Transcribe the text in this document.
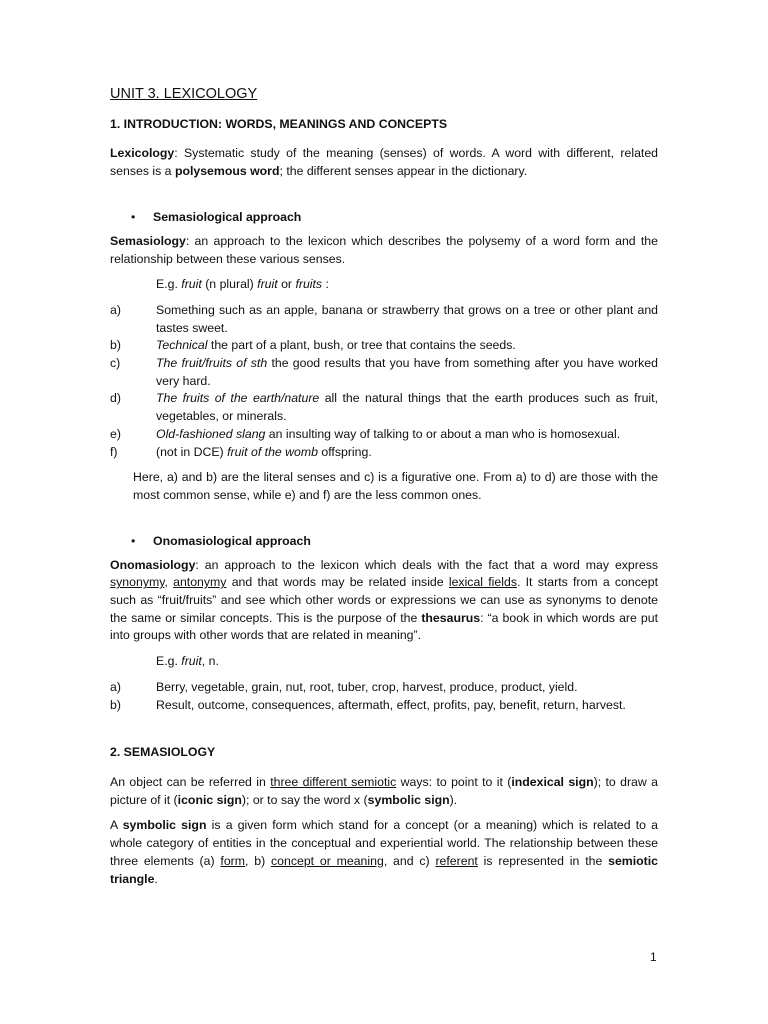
UNIT 3. LEXICOLOGY

1. INTRODUCTION: WORDS, MEANINGS AND CONCEPTS

Lexicology: Systematic study of the meaning (senses) of words. A word with different, related senses is a polysemous word; the different senses appear in the dictionary.

•	Semasiological approach

Semasiology: an approach to the lexicon which describes the polysemy of a word form and the relationship between these various senses.

E.g. fruit (n plural) fruit or fruits :

a)	Something such as an apple, banana or strawberry that grows on a tree or other plant and tastes sweet.
b)	Technical the part of a plant, bush, or tree that contains the seeds.
c)	The fruit/fruits of sth the good results that you have from something after you have worked very hard.
d)	The fruits of the earth/nature all the natural things that the earth produces such as fruit, vegetables, or minerals.
e)	Old-fashioned slang an insulting way of talking to or about a man who is homosexual.
f)	(not in DCE) fruit of the womb offspring.

Here, a) and b) are the literal senses and c) is a figurative one. From a) to d) are those with the most common sense, while e) and f) are the less common ones.

•	Onomasiological approach

Onomasiology: an approach to the lexicon which deals with the fact that a word may express synonymy, antonymy and that words may be related inside lexical fields. It starts from a concept such as “fruit/fruits” and see which other words or expressions we can use as synonyms to denote the same or similar concepts. This is the purpose of the thesaurus: “a book in which words are put into groups with other words that are related in meaning”.

E.g. fruit, n.

a)	Berry, vegetable, grain, nut, root, tuber, crop, harvest, produce, product, yield.
b)	Result, outcome, consequences, aftermath, effect, profits, pay, benefit, return, harvest.

2. SEMASIOLOGY

An object can be referred in three different semiotic ways: to point to it (indexical sign); to draw a picture of it (iconic sign); or to say the word x (symbolic sign).

A symbolic sign is a given form which stand for a concept (or a meaning) which is related to a whole category of entities in the conceptual and experiential world. The relationship between these three elements (a) form, b) concept or meaning, and c) referent is represented in the semiotic triangle.

1
